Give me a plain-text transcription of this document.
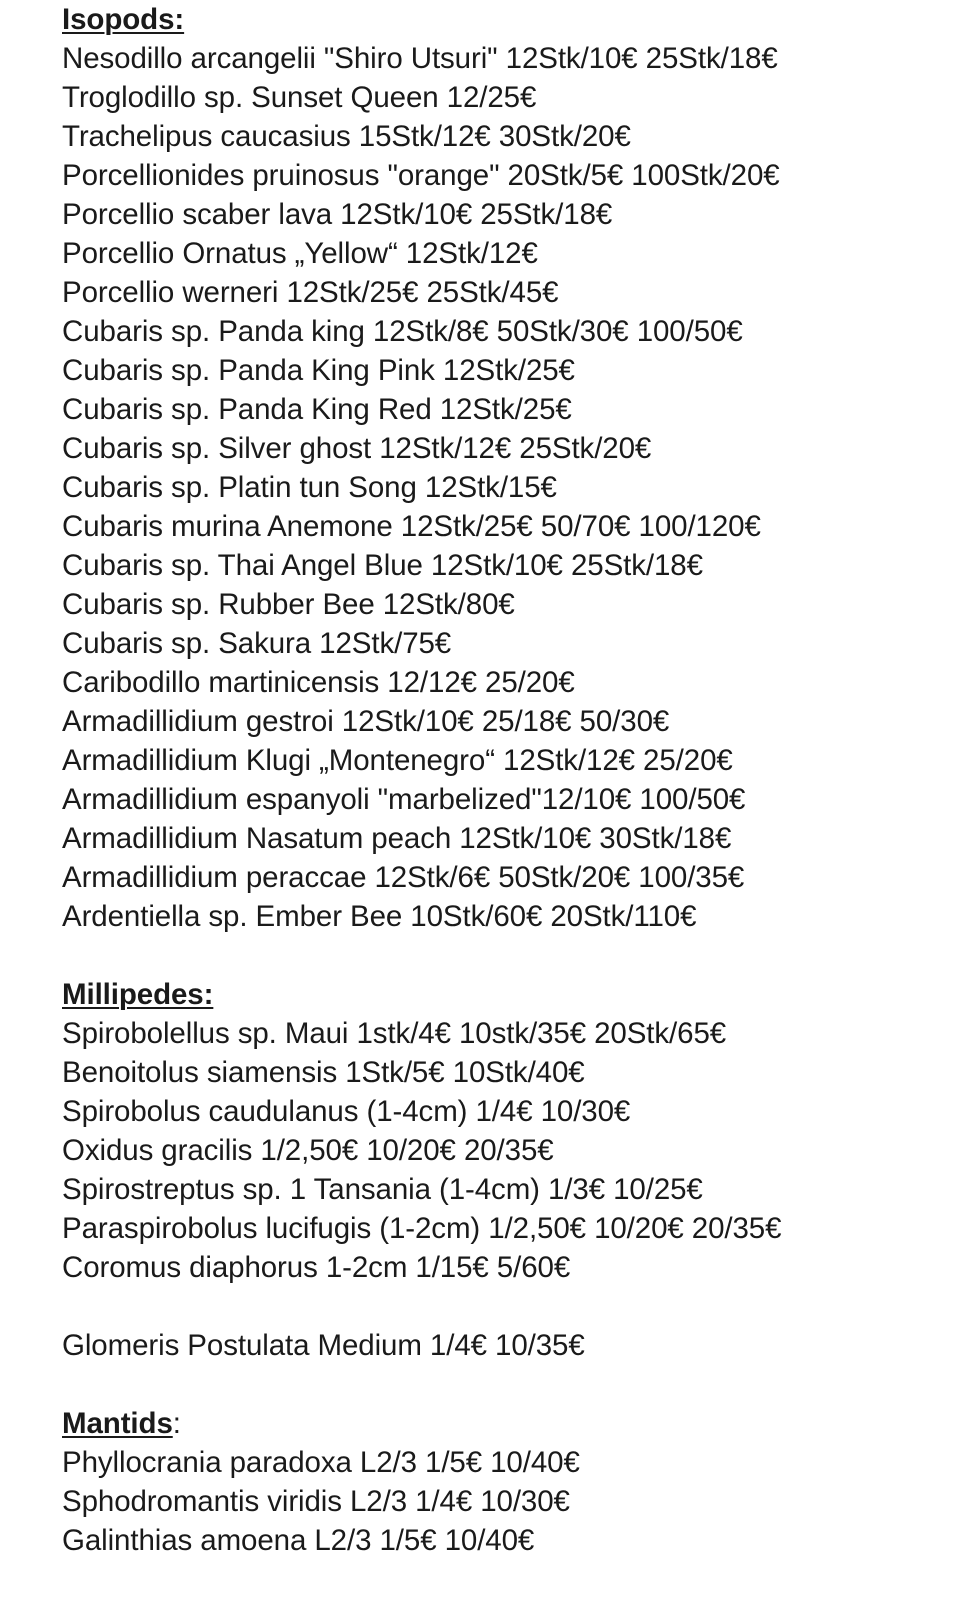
Isopods:
Nesodillo arcangelii "Shiro Utsuri" 12Stk/10€ 25Stk/18€
Troglodillo sp. Sunset Queen 12/25€
Trachelipus caucasius 15Stk/12€ 30Stk/20€
Porcellionides pruinosus "orange" 20Stk/5€ 100Stk/20€
Porcellio scaber lava 12Stk/10€ 25Stk/18€
Porcellio Ornatus „Yellow“ 12Stk/12€
Porcellio werneri 12Stk/25€ 25Stk/45€
Cubaris sp. Panda king 12Stk/8€ 50Stk/30€ 100/50€
Cubaris sp. Panda King Pink 12Stk/25€
Cubaris sp. Panda King Red 12Stk/25€
Cubaris sp. Silver ghost 12Stk/12€ 25Stk/20€
Cubaris sp. Platin tun Song 12Stk/15€
Cubaris murina Anemone 12Stk/25€ 50/70€ 100/120€
Cubaris sp. Thai Angel Blue 12Stk/10€ 25Stk/18€
Cubaris sp. Rubber Bee 12Stk/80€
Cubaris sp. Sakura 12Stk/75€
Caribodillo martinicensis 12/12€ 25/20€
Armadillidium gestroi 12Stk/10€ 25/18€ 50/30€
Armadillidium Klugi „Montenegro“ 12Stk/12€ 25/20€
Armadillidium espanyoli "marbelized"12/10€ 100/50€
Armadillidium Nasatum peach 12Stk/10€ 30Stk/18€
Armadillidium peraccae 12Stk/6€ 50Stk/20€ 100/35€
Ardentiella sp. Ember Bee 10Stk/60€ 20Stk/110€
Millipedes:
Spirobolellus sp. Maui 1stk/4€ 10stk/35€ 20Stk/65€
Benoitolus siamensis 1Stk/5€ 10Stk/40€
Spirobolus caudulanus (1-4cm) 1/4€ 10/30€
Oxidus gracilis 1/2,50€ 10/20€ 20/35€
Spirostreptus sp. 1 Tansania (1-4cm) 1/3€ 10/25€
Paraspirobolus lucifugis (1-2cm) 1/2,50€ 10/20€ 20/35€
Coromus diaphorus 1-2cm 1/15€ 5/60€
Glomeris Postulata Medium 1/4€ 10/35€
Mantids:
Phyllocrania paradoxa L2/3 1/5€ 10/40€
Sphodromantis viridis L2/3 1/4€ 10/30€
Galinthias amoena L2/3 1/5€ 10/40€
